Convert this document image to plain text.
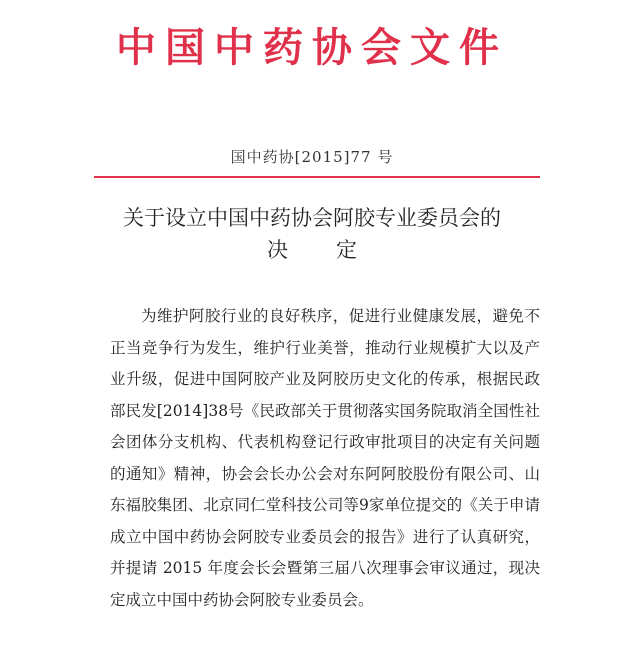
中国中药协会文件
国中药协[2015]77 号
关于设立中国中药协会阿胶专业委员会的
决定

为维护阿胶行业的良好秩序，促进行业健康发展，避免不正当竞争行为发生，维护行业美誉，推动行业规模扩大以及产业升级，促进中国阿胶产业及阿胶历史文化的传承，根据民政部民发[2014]38号《民政部关于贯彻落实国务院取消全国性社会团体分支机构、代表机构登记行政审批项目的决定有关问题的通知》精神，协会会长办公会对东阿阿胶股份有限公司、山东福胶集团、北京同仁堂科技公司等9家单位提交的《关于申请成立中国中药协会阿胶专业委员会的报告》进行了认真研究，并提请 2015 年度会长会暨第三届八次理事会审议通过，现决定成立中国中药协会阿胶专业委员会。
